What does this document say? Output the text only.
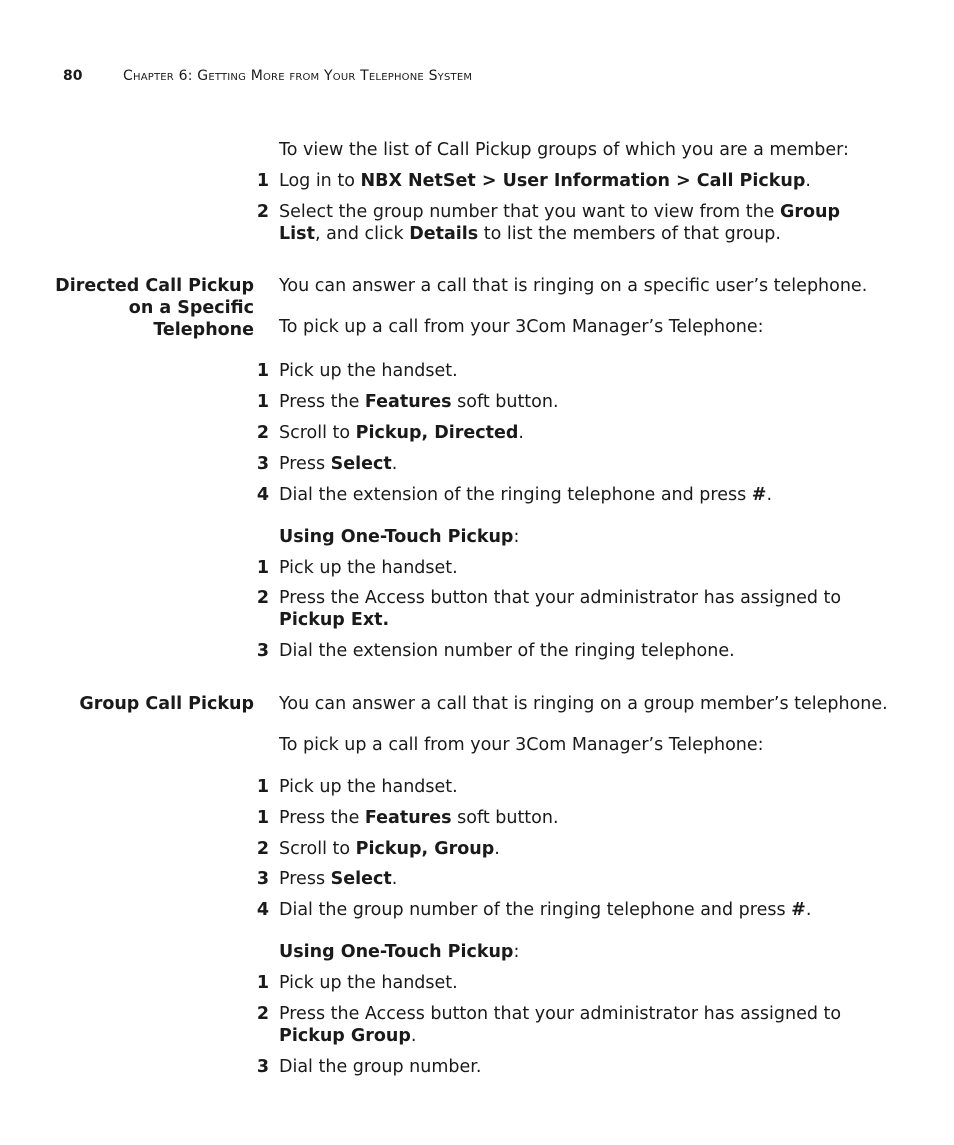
80	Chapter 6: Getting More from Your Telephone System
To view the list of Call Pickup groups of which you are a member:
1 Log in to NBX NetSet > User Information > Call Pickup.
2 Select the group number that you want to view from the Group List, and click Details to list the members of that group.
Directed Call Pickup
on a Specific
Telephone
You can answer a call that is ringing on a specific user’s telephone.
To pick up a call from your 3Com Manager’s Telephone:
1 Pick up the handset.
1 Press the Features soft button.
2 Scroll to Pickup, Directed.
3 Press Select.
4 Dial the extension of the ringing telephone and press #.
Using One-Touch Pickup:
1 Pick up the handset.
2 Press the Access button that your administrator has assigned to Pickup Ext.
3 Dial the extension number of the ringing telephone.
Group Call Pickup You can answer a call that is ringing on a group member’s telephone.
To pick up a call from your 3Com Manager’s Telephone:
1 Pick up the handset.
1 Press the Features soft button.
2 Scroll to Pickup, Group.
3 Press Select.
4 Dial the group number of the ringing telephone and press #.
Using One-Touch Pickup:
1 Pick up the handset.
2 Press the Access button that your administrator has assigned to Pickup Group.
3 Dial the group number.
